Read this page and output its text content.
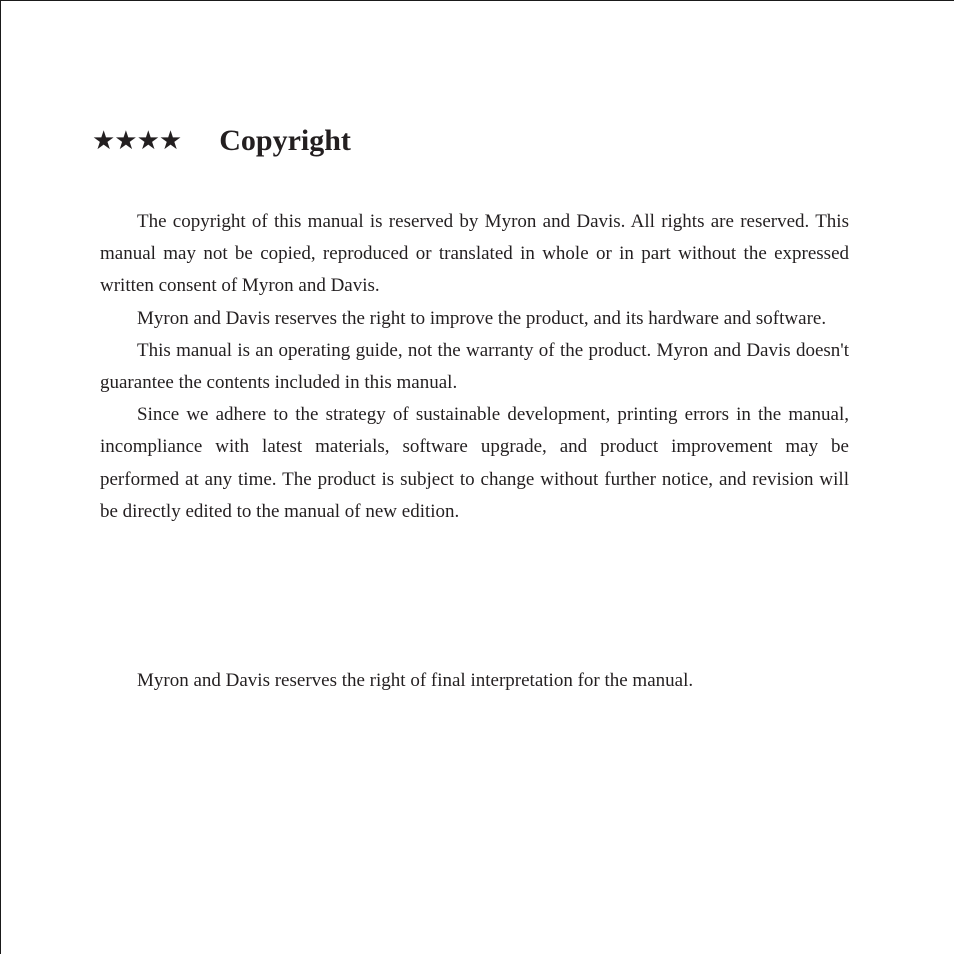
★★★★ Copyright

The copyright of this manual is reserved by Myron and Davis. All rights are reserved. This manual may not be copied, reproduced or translated in whole or in part without the expressed written consent of Myron and Davis.

Myron and Davis reserves the right to improve the product, and its hardware and software.

This manual is an operating guide, not the warranty of the product. Myron and Davis doesn't guarantee the contents included in this manual.

Since we adhere to the strategy of sustainable development, printing errors in the manual, incompliance with latest materials, software upgrade, and product improvement may be performed at any time. The product is subject to change without further notice, and revision will be directly edited to the manual of new edition.

Myron and Davis reserves the right of final interpretation for the manual.
